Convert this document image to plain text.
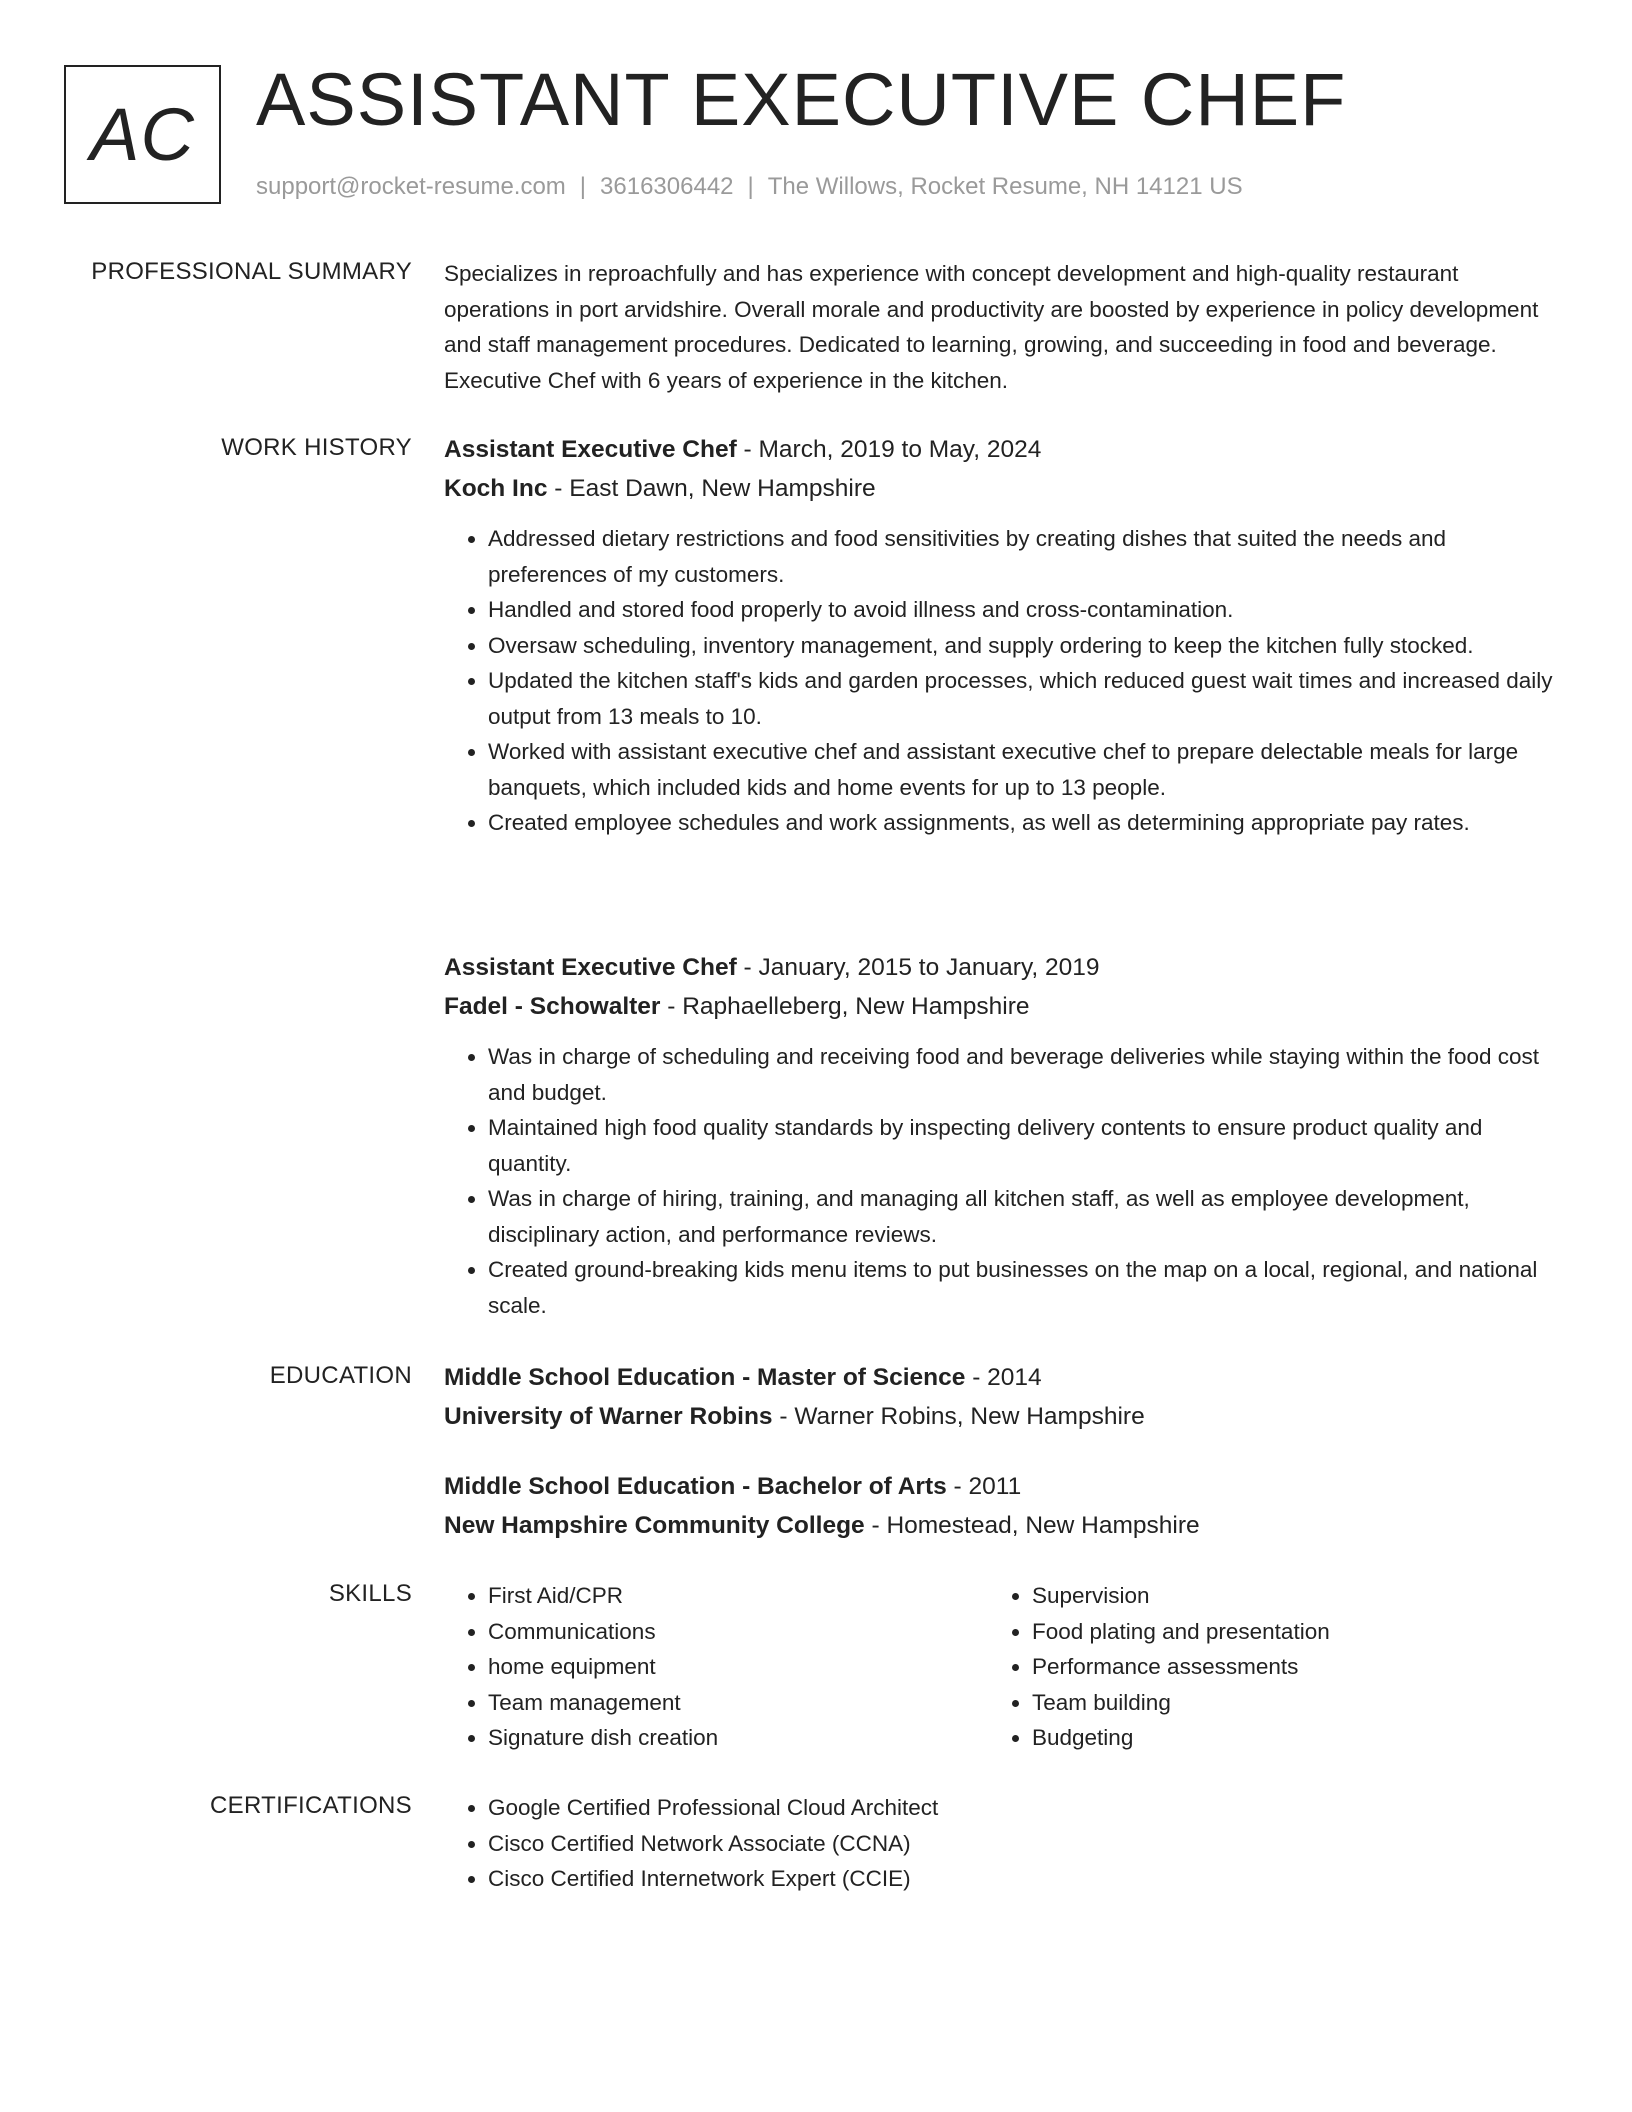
AC ASSISTANT EXECUTIVE CHEF
support@rocket-resume.com | 3616306442 | The Willows, Rocket Resume, NH 14121 US
PROFESSIONAL SUMMARY Specializes in reproachfully and has experience with concept development and high-quality restaurant operations in port arvidshire. Overall morale and productivity are boosted by experience in policy development and staff management procedures. Dedicated to learning, growing, and succeeding in food and beverage. Executive Chef with 6 years of experience in the kitchen.
WORK HISTORY Assistant Executive Chef - March, 2019 to May, 2024
Koch Inc - East Dawn, New Hampshire
• Addressed dietary restrictions and food sensitivities by creating dishes that suited the needs and preferences of my customers.
• Handled and stored food properly to avoid illness and cross-contamination.
• Oversaw scheduling, inventory management, and supply ordering to keep the kitchen fully stocked.
• Updated the kitchen staff's kids and garden processes, which reduced guest wait times and increased daily output from 13 meals to 10.
• Worked with assistant executive chef and assistant executive chef to prepare delectable meals for large banquets, which included kids and home events for up to 13 people.
• Created employee schedules and work assignments, as well as determining appropriate pay rates.
Assistant Executive Chef - January, 2015 to January, 2019
Fadel - Schowalter - Raphaelleberg, New Hampshire
• Was in charge of scheduling and receiving food and beverage deliveries while staying within the food cost and budget.
• Maintained high food quality standards by inspecting delivery contents to ensure product quality and quantity.
• Was in charge of hiring, training, and managing all kitchen staff, as well as employee development, disciplinary action, and performance reviews.
• Created ground-breaking kids menu items to put businesses on the map on a local, regional, and national scale.
EDUCATION Middle School Education - Master of Science - 2014
University of Warner Robins - Warner Robins, New Hampshire
Middle School Education - Bachelor of Arts - 2011
New Hampshire Community College - Homestead, New Hampshire
SKILLS	• First Aid/CPR
• Communications
• home equipment
• Team management
• Signature dish creation
• Supervision
• Food plating and presentation
• Performance assessments
• Team building
• Budgeting
CERTIFICATIONS	• Google Certified Professional Cloud Architect
• Cisco Certified Network Associate (CCNA)
• Cisco Certified Internetwork Expert (CCIE)
